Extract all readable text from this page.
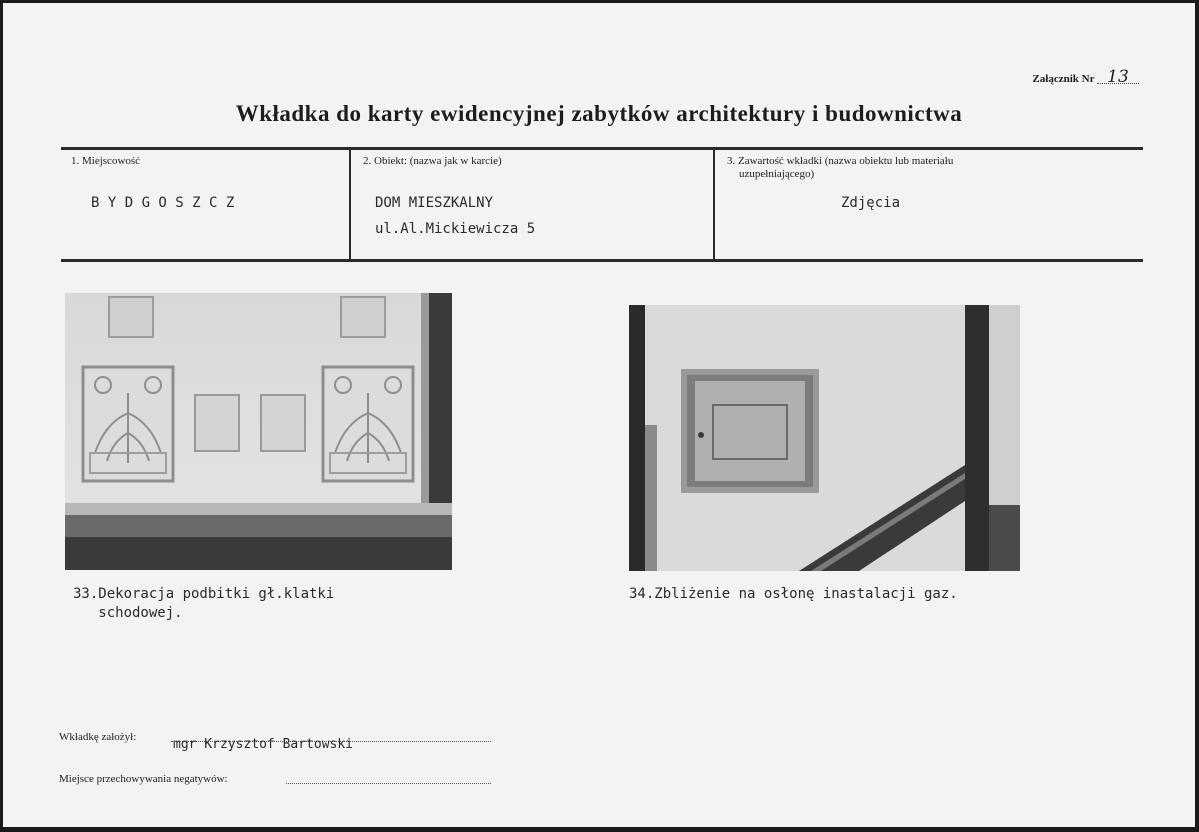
Załącznik Nr 13
Wkładka do karty ewidencyjnej zabytków architektury i budownictwa
1. Miejscowość
B Y D G O S Z C Z
2. Obiekt: (nazwa jak w karcie)
DOM MIESZKALNY
ul.Al.Mickiewicza 5
3. Zawartość wkładki (nazwa obiektu lub materiału
uzupełniającego)
Zdjęcia
33.Dekoracja podbitki gł.klatki
schodowej.
34.Zbliżenie na osłonę inastalacji gaz.
Wkładkę założył:	mgr Krzysztof Bartowski
Miejsce przechowywania negatywów:
